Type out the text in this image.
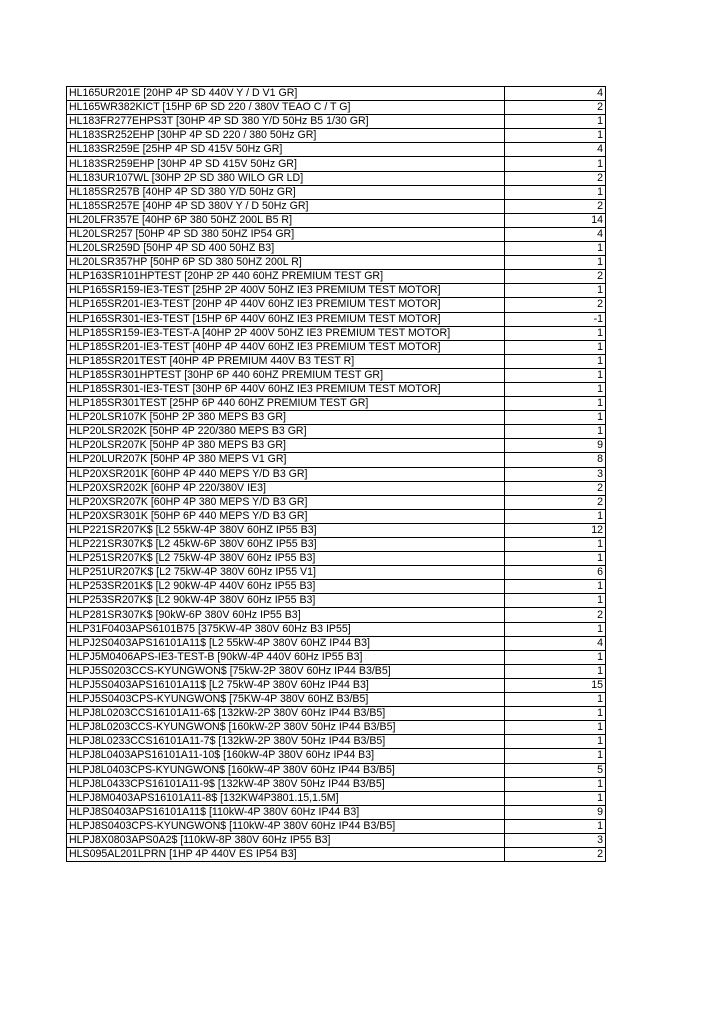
HL165UR201E [20HP 4P SD 440V Y / D V1 GR]	4
HL165WR382KICT [15HP 6P SD 220 / 380V TEAO C / T G]	2
HL183FR277EHPS3T [30HP 4P SD 380 Y/D 50Hz B5 1/30 GR]	1
HL183SR252EHP [30HP 4P SD 220 / 380 50Hz GR]	1
HL183SR259E [25HP 4P SD 415V 50Hz GR]	4
HL183SR259EHP [30HP 4P SD 415V 50Hz GR]	1
HL183UR107WL [30HP 2P SD 380 WILO GR LD]	2
HL185SR257B [40HP 4P SD 380 Y/D 50Hz GR]	1
HL185SR257E [40HP 4P SD 380V Y / D 50Hz GR]	2
HL20LFR357E [40HP 6P 380 50HZ 200L B5 R]	14
HL20LSR257 [50HP 4P SD 380 50HZ IP54 GR]	4
HL20LSR259D [50HP 4P SD 400 50HZ B3]	1
HL20LSR357HP [50HP 6P SD 380 50HZ 200L R]	1
HLP163SR101HPTEST [20HP 2P 440 60HZ PREMIUM TEST GR]	2
HLP165SR159-IE3-TEST [25HP 2P 400V 50HZ IE3 PREMIUM TEST MOTOR]	1
HLP165SR201-IE3-TEST [20HP 4P 440V 60HZ IE3 PREMIUM TEST MOTOR]	2
HLP165SR301-IE3-TEST [15HP 6P 440V 60HZ IE3 PREMIUM TEST MOTOR]	-1
HLP185SR159-IE3-TEST-A [40HP 2P 400V 50HZ IE3 PREMIUM TEST MOTOR]	1
HLP185SR201-IE3-TEST [40HP 4P 440V 60HZ IE3 PREMIUM TEST MOTOR]	1
HLP185SR201TEST [40HP 4P PREMIUM 440V B3 TEST R]	1
HLP185SR301HPTEST [30HP 6P 440 60HZ PREMIUM TEST GR]	1
HLP185SR301-IE3-TEST [30HP 6P 440V 60HZ IE3 PREMIUM TEST MOTOR]	1
HLP185SR301TEST [25HP 6P 440 60HZ PREMIUM TEST GR]	1
HLP20LSR107K [50HP 2P 380 MEPS B3 GR]	1
HLP20LSR202K [50HP 4P 220/380 MEPS B3 GR]	1
HLP20LSR207K [50HP 4P 380 MEPS B3 GR]	9
HLP20LUR207K [50HP 4P 380 MEPS V1 GR]	8
HLP20XSR201K [60HP 4P 440 MEPS Y/D B3 GR]	3
HLP20XSR202K [60HP 4P 220/380V IE3]	2
HLP20XSR207K [60HP 4P 380 MEPS Y/D B3 GR]	2
HLP20XSR301K [50HP 6P 440 MEPS Y/D B3 GR]	1
HLP221SR207K$ [L2 55kW-4P 380V 60HZ IP55 B3]	12
HLP221SR307K$ [L2 45kW-6P 380V 60HZ IP55 B3]	1
HLP251SR207K$ [L2 75kW-4P 380V 60Hz IP55 B3]	1
HLP251UR207K$ [L2 75kW-4P 380V 60Hz IP55 V1]	6
HLP253SR201K$ [L2 90kW-4P 440V 60Hz IP55 B3]	1
HLP253SR207K$ [L2 90kW-4P 380V 60Hz IP55 B3]	1
HLP281SR307K$ [90kW-6P 380V 60Hz IP55 B3]	2
HLP31F0403APS6101B75 [375KW-4P 380V 60Hz B3 IP55]	1
HLPJ2S0403APS16101A11$ [L2 55kW-4P 380V 60HZ IP44 B3]	4
HLPJ5M0406APS-IE3-TEST-B [90kW-4P 440V 60Hz IP55 B3]	1
HLPJ5S0203CCS-KYUNGWON$ [75kW-2P 380V 60Hz IP44 B3/B5]	1
HLPJ5S0403APS16101A11$ [L2 75kW-4P 380V 60Hz IP44 B3]	15
HLPJ5S0403CPS-KYUNGWON$ [75KW-4P 380V 60HZ B3/B5]	1
HLPJ8L0203CCS16101A11-6$ [132kW-2P 380V 60Hz IP44 B3/B5]	1
HLPJ8L0203CCS-KYUNGWON$ [160kW-2P 380V 50Hz IP44 B3/B5]	1
HLPJ8L0233CCS16101A11-7$ [132kW-2P 380V 50Hz IP44 B3/B5]	1
HLPJ8L0403APS16101A11-10$ [160kW-4P 380V 60Hz IP44 B3]	1
HLPJ8L0403CPS-KYUNGWON$ [160kW-4P 380V 60Hz IP44 B3/B5]	5
HLPJ8L0433CPS16101A11-9$ [132kW-4P 380V 50Hz IP44 B3/B5]	1
HLPJ8M0403APS16101A11-8$ [132KW4P3801.15,1.5M]	1
HLPJ8S0403APS16101A11$ [110kW-4P 380V 60Hz IP44 B3]	9
HLPJ8S0403CPS-KYUNGWON$ [110kW-4P 380V 60Hz IP44 B3/B5]	1
HLPJ8X0803APS0A2$ [110kW-8P 380V 60Hz IP55 B3]	3
HLS095AL201LPRN [1HP 4P 440V ES IP54 B3]	2
